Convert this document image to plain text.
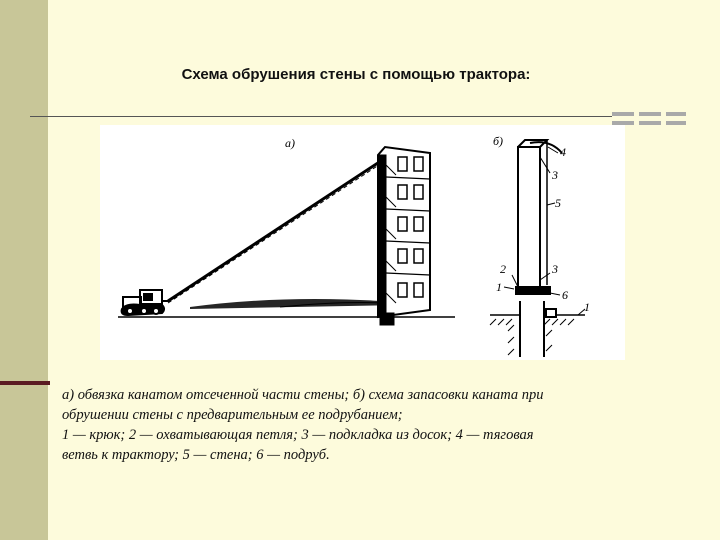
Схема обрушения стены с помощью трактора:
а)	б)
4
3
5
2	3
1
6
1
а) обвязка канатом отсеченной части стены; б) схема запасовки каната при
обрушении стены с предварительным ее подрубанием;
1 — крюк; 2 — охватывающая петля; 3 — подкладка из досок; 4 — тяговая
ветвь к трактору; 5 — стена; 6 — подруб.
